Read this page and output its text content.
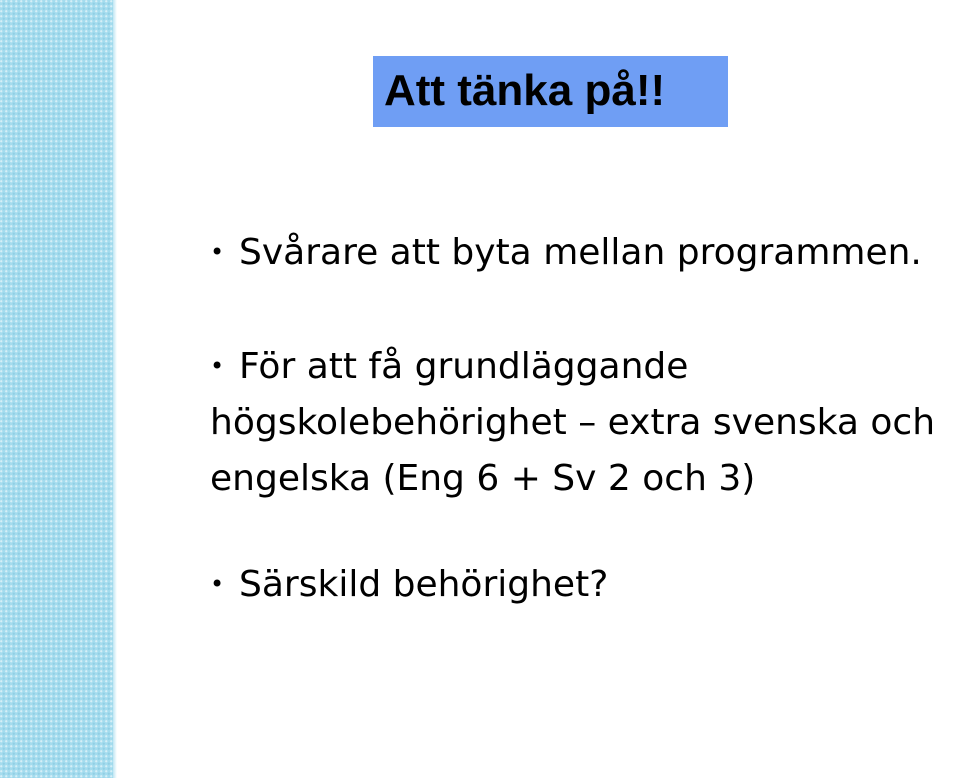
Att tänka på!!
• Svårare att byta mellan programmen.
• För att få grundläggande
högskolebehörighet – extra svenska och
engelska (Eng 6 + Sv 2 och 3)
• Särskild behörighet?
